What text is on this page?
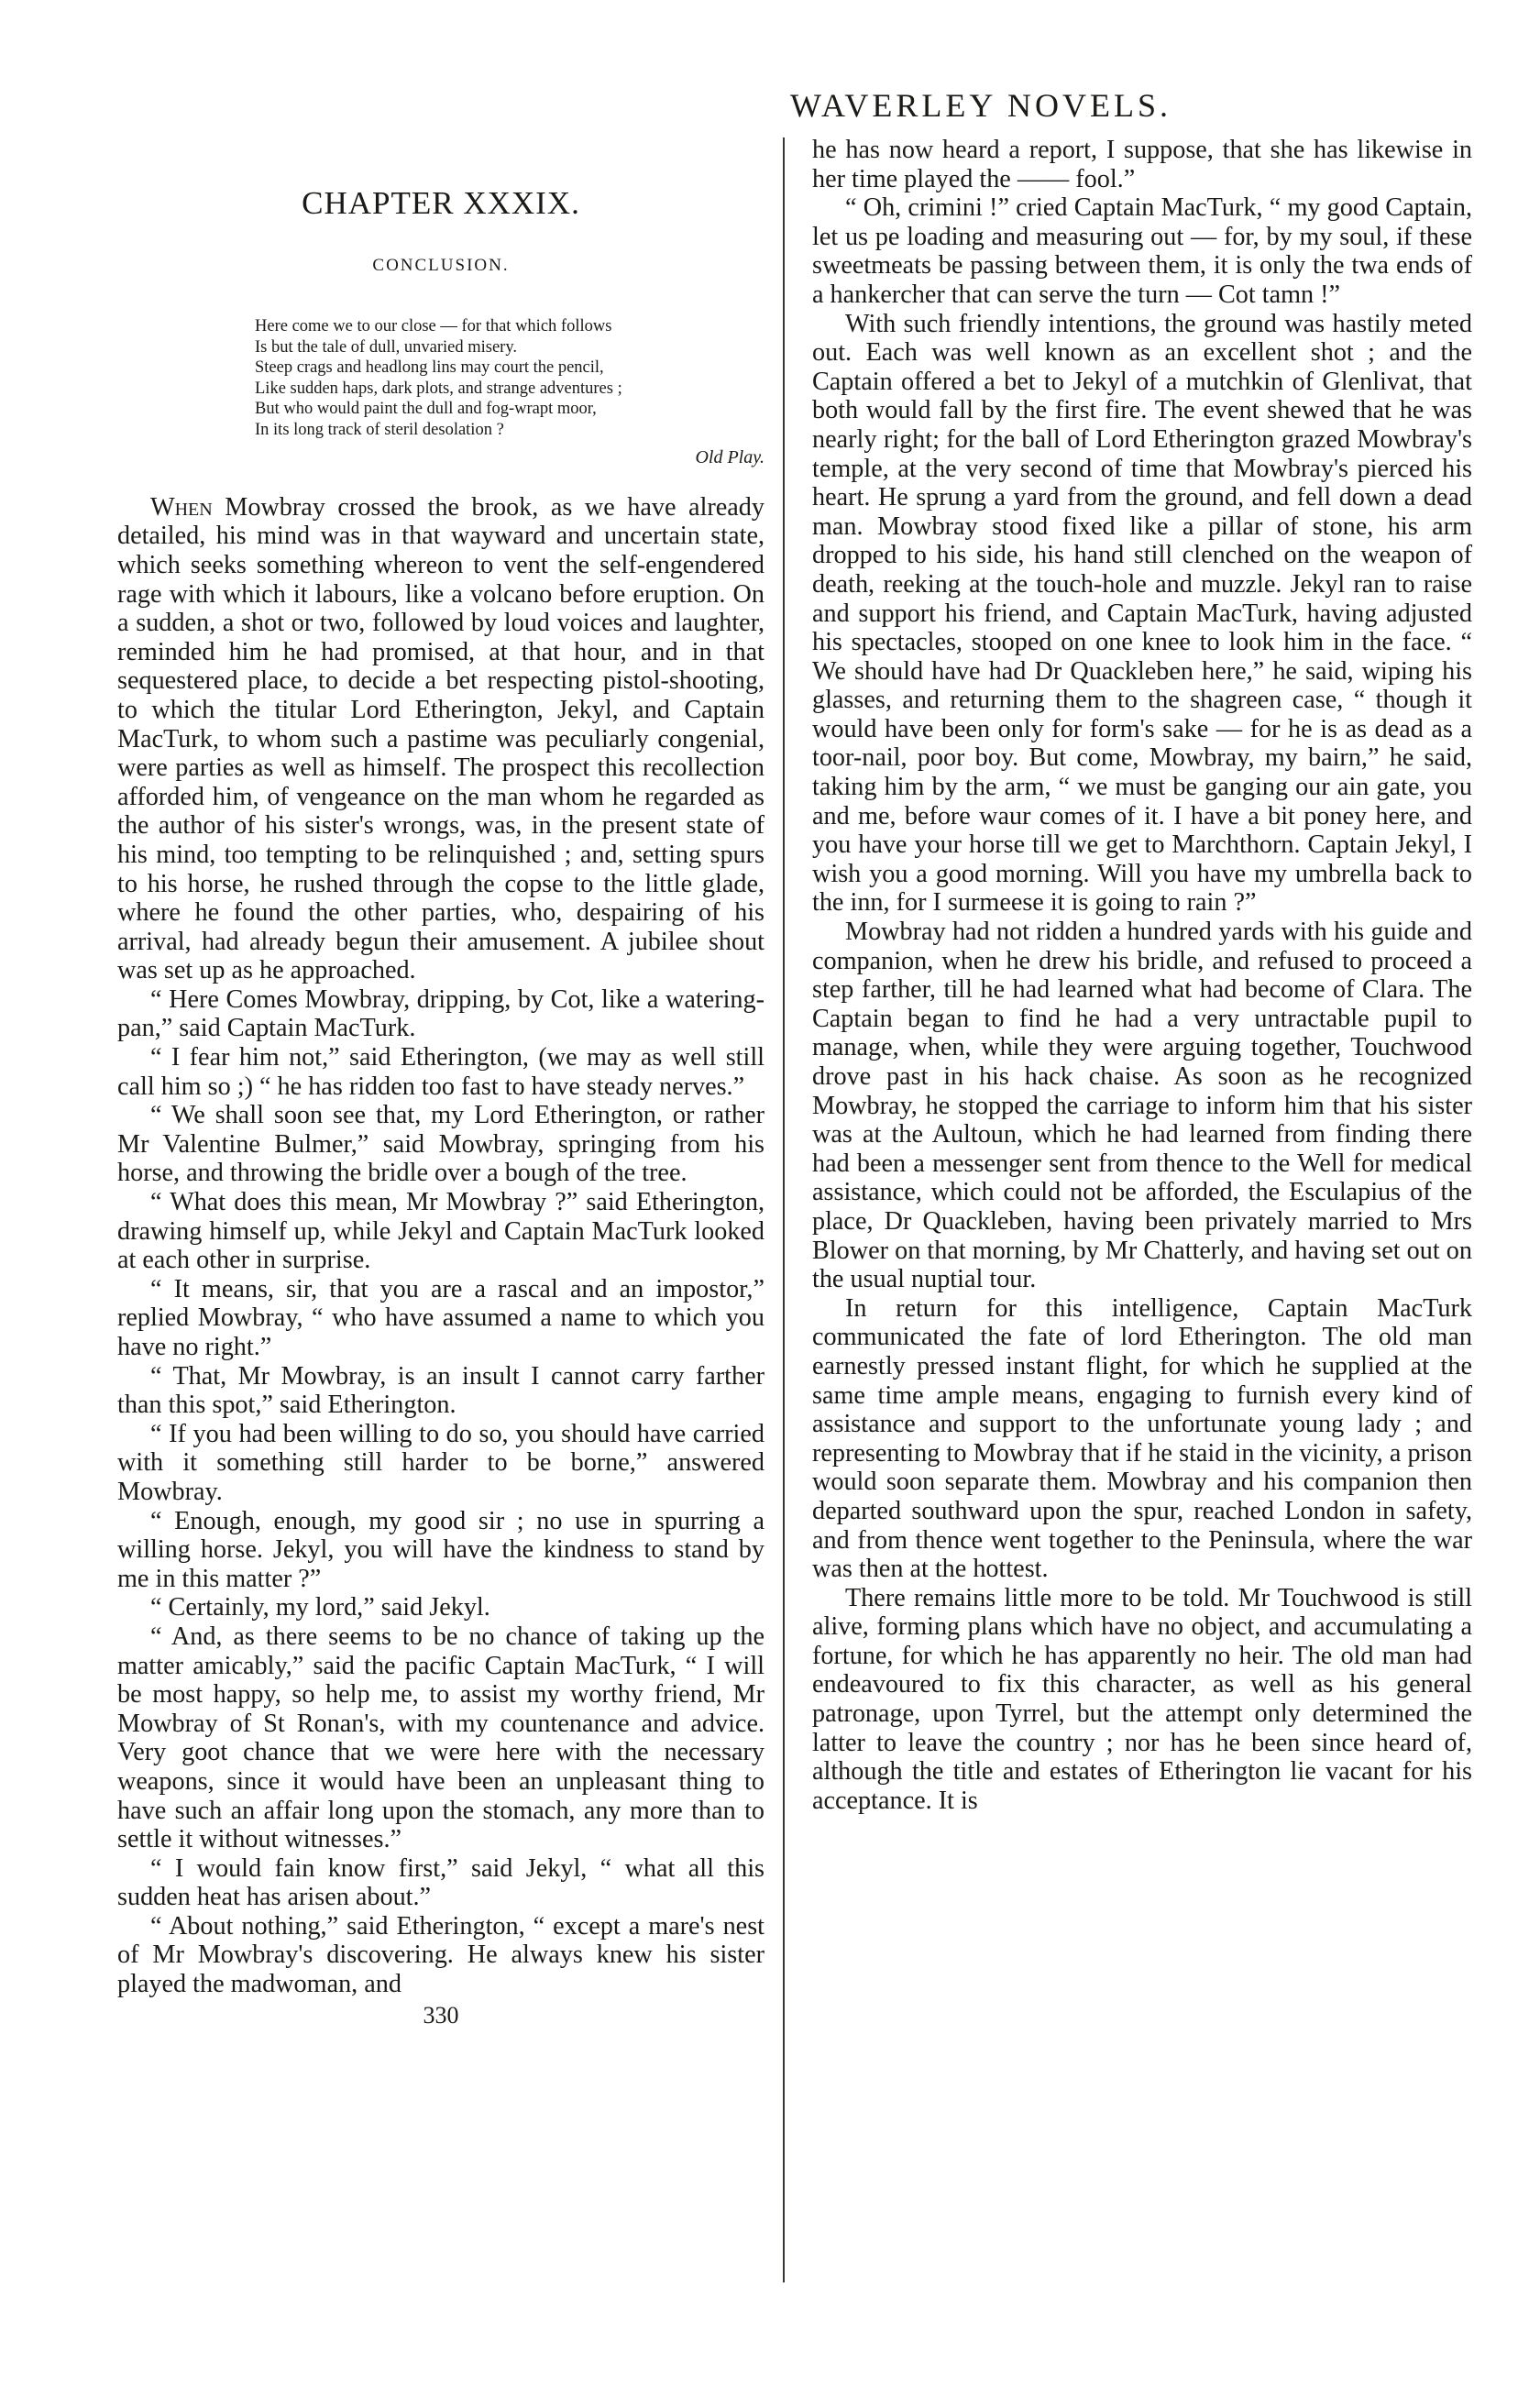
WAVERLEY NOVELS.
CHAPTER XXXIX.
CONCLUSION.
Here come we to our close — for that which follows
Is but the tale of dull, unvaried misery.
Steep crags and headlong lins may court the pencil,
Like sudden haps, dark plots, and strange adventures ;
But who would paint the dull and fog-wrapt moor,
In its long track of steril desolation ?
Old Play.

When Mowbray crossed the brook, as we have already detailed, his mind was in that wayward and uncertain state, which seeks something whereon to vent the self-engendered rage with which it labours, like a volcano before eruption. On a sudden, a shot or two, followed by loud voices and laughter, reminded him he had promised, at that hour, and in that sequestered place, to decide a bet respecting pistol-shooting, to which the titular Lord Etherington, Jekyl, and Captain MacTurk, to whom such a pastime was peculiarly congenial, were parties as well as himself. The prospect this recollection afforded him, of vengeance on the man whom he regarded as the author of his sister's wrongs, was, in the present state of his mind, too tempting to be relinquished ; and, setting spurs to his horse, he rushed through the copse to the little glade, where he found the other parties, who, despairing of his arrival, had already begun their amusement. A jubilee shout was set up as he approached.

“ Here Comes Mowbray, dripping, by Cot, like a watering-pan,” said Captain MacTurk.

“ I fear him not,” said Etherington, (we may as well still call him so ;) “ he has ridden too fast to have steady nerves.”

“ We shall soon see that, my Lord Etherington, or rather Mr Valentine Bulmer,” said Mowbray, springing from his horse, and throwing the bridle over a bough of the tree.

“ What does this mean, Mr Mowbray ?” said Etherington, drawing himself up, while Jekyl and Captain MacTurk looked at each other in surprise.

“ It means, sir, that you are a rascal and an impostor,” replied Mowbray, “ who have assumed a name to which you have no right.”

“ That, Mr Mowbray, is an insult I cannot carry farther than this spot,” said Etherington.

“ If you had been willing to do so, you should have carried with it something still harder to be borne,” answered Mowbray.

“ Enough, enough, my good sir ; no use in spurring a willing horse. Jekyl, you will have the kindness to stand by me in this matter ?”

“ Certainly, my lord,” said Jekyl.

“ And, as there seems to be no chance of taking up the matter amicably,” said the pacific Captain MacTurk, “ I will be most happy, so help me, to assist my worthy friend, Mr Mowbray of St Ronan's, with my countenance and advice. Very goot chance that we were here with the necessary weapons, since it would have been an unpleasant thing to have such an affair long upon the stomach, any more than to settle it without witnesses.”

“ I would fain know first,” said Jekyl, “ what all this sudden heat has arisen about.”

“ About nothing,” said Etherington, “ except a mare's nest of Mr Mowbray's discovering. He always knew his sister played the madwoman, and

330

he has now heard a report, I suppose, that she has likewise in her time played the —— fool.”

“ Oh, crimini !” cried Captain MacTurk, “ my good Captain, let us pe loading and measuring out — for, by my soul, if these sweetmeats be passing between them, it is only the twa ends of a hankercher that can serve the turn — Cot tamn !”

With such friendly intentions, the ground was hastily meted out. Each was well known as an excellent shot ; and the Captain offered a bet to Jekyl of a mutchkin of Glenlivat, that both would fall by the first fire. The event shewed that he was nearly right; for the ball of Lord Etherington grazed Mowbray's temple, at the very second of time that Mowbray's pierced his heart. He sprung a yard from the ground, and fell down a dead man. Mowbray stood fixed like a pillar of stone, his arm dropped to his side, his hand still clenched on the weapon of death, reeking at the touch-hole and muzzle. Jekyl ran to raise and support his friend, and Captain MacTurk, having adjusted his spectacles, stooped on one knee to look him in the face. “ We should have had Dr Quackleben here,” he said, wiping his glasses, and returning them to the shagreen case, “ though it would have been only for form's sake — for he is as dead as a toor-nail, poor boy. But come, Mowbray, my bairn,” he said, taking him by the arm, “ we must be ganging our ain gate, you and me, before waur comes of it. I have a bit poney here, and you have your horse till we get to Marchthorn. Captain Jekyl, I wish you a good morning. Will you have my umbrella back to the inn, for I surmeese it is going to rain ?”

Mowbray had not ridden a hundred yards with his guide and companion, when he drew his bridle, and refused to proceed a step farther, till he had learned what had become of Clara. The Captain began to find he had a very untractable pupil to manage, when, while they were arguing together, Touchwood drove past in his hack chaise. As soon as he recognized Mowbray, he stopped the carriage to inform him that his sister was at the Aultoun, which he had learned from finding there had been a messenger sent from thence to the Well for medical assistance, which could not be afforded, the Esculapius of the place, Dr Quackleben, having been privately married to Mrs Blower on that morning, by Mr Chatterly, and having set out on the usual nuptial tour.

In return for this intelligence, Captain MacTurk communicated the fate of lord Etherington. The old man earnestly pressed instant flight, for which he supplied at the same time ample means, engaging to furnish every kind of assistance and support to the unfortunate young lady ; and representing to Mowbray that if he staid in the vicinity, a prison would soon separate them. Mowbray and his companion then departed southward upon the spur, reached London in safety, and from thence went together to the Peninsula, where the war was then at the hottest.

There remains little more to be told. Mr Touchwood is still alive, forming plans which have no object, and accumulating a fortune, for which he has apparently no heir. The old man had endeavoured to fix this character, as well as his general patronage, upon Tyrrel, but the attempt only determined the latter to leave the country ; nor has he been since heard of, although the title and estates of Etherington lie vacant for his acceptance. It is
